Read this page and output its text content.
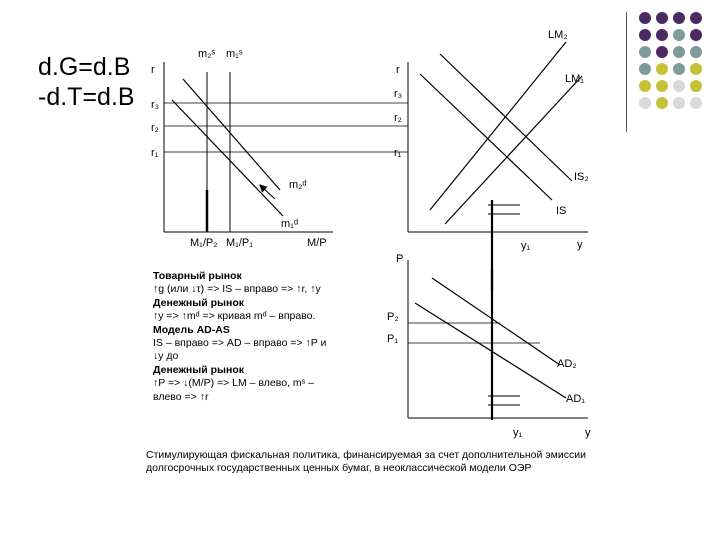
d.G=d.B
-d.T=d.B
r
m₂ˢ m₁ˢ
m₂ᵈ
m₁ᵈ
r₃
r₂
r₁
M₁/P₂ M₁/P₁	M/P
r
LM₂
LM₁
IS₂
IS
r₃
r₂
r₁
y₁	y
P
AD₂
AD₁
P₂
P₁
y₁	y
Товарный рынок
↑g (или ↓τ) => IS – вправо => ↑r, ↑y
Денежный рынок
↑y => ↑mᵈ => кривая mᵈ – вправо.
Модель AD-AS
IS – вправо => AD – вправо => ↑P и
↓y до
Денежный рынок
↑P => ↓(M/P) => LM – влево, mˢ –
влево => ↑r
Стимулирующая фискальная политика, финансируемая за счет дополнительной эмиссии долгосрочных государственных ценных бумаг, в неоклассической модели ОЭР
